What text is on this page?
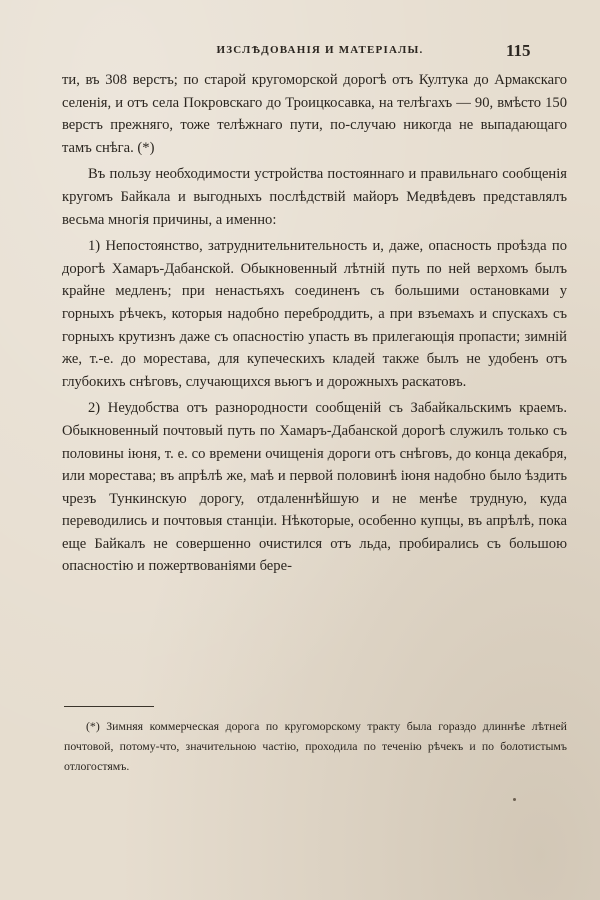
ИЗСЛѢДОВАНІЯ И МАТЕРІАЛЫ.	115

ти, въ 308 верстъ; по старой кругоморской дорогѣ отъ Култука до Армакскаго селенія, и отъ села Покровскаго до Троицкосавка, на телѣгахъ — 90, вмѣсто 150 верстъ прежняго, тоже телѣжнаго пути, по-случаю никогда не выпадающаго тамъ снѣга. (*)

Въ пользу необходимости устройства постояннаго и правильнаго сообщенія кругомъ Байкала и выгодныхъ послѣдствій майоръ Медвѣдевъ представлялъ весьма многія причины, а именно:

1) Непостоянство, затруднительнительность и, даже, опасность проѣзда по дорогѣ Хамаръ-Дабанской. Обыкновенный лѣтній путь по ней верхомъ былъ крайне медленъ; при ненастьяхъ соединенъ съ большими остановками у горныхъ рѣчекъ, которыя надобно переброддить, а при взъемахъ и спускахъ съ горныхъ крутизнъ даже съ опасностію упасть въ прилегающія пропасти; зимній же, т.-е. до морестава, для купеческихъ кладей также былъ не удобенъ отъ глубокихъ снѣговъ, случающихся вьюгъ и дорожныхъ раскатовъ.

2) Неудобства отъ разнородности сообщеній съ Забайкальскимъ краемъ. Обыкновенный почтовый путь по Хамаръ-Дабанской дорогѣ служилъ только съ половины іюня, т. е. со времени очищенія дороги отъ снѣговъ, до конца декабря, или морестава; въ апрѣлѣ же, маѣ и первой половинѣ іюня надобно было ѣздить чрезъ Тункинскую дорогу, отдаленнѣйшую и не менѣе трудную, куда переводились и почтовыя станціи. Нѣкоторые, особенно купцы, въ апрѣлѣ, пока еще Байкалъ не совершенно очистился отъ льда, пробирались съ большою опасностію и пожертвованіями бере-

(*) Зимняя коммерческая дорога по кругоморскому тракту была гораздо длиннѣе лѣтней почтовой, потому-что, значительною частію, проходила по теченію рѣчекъ и по болотистымъ отлогостямъ.
